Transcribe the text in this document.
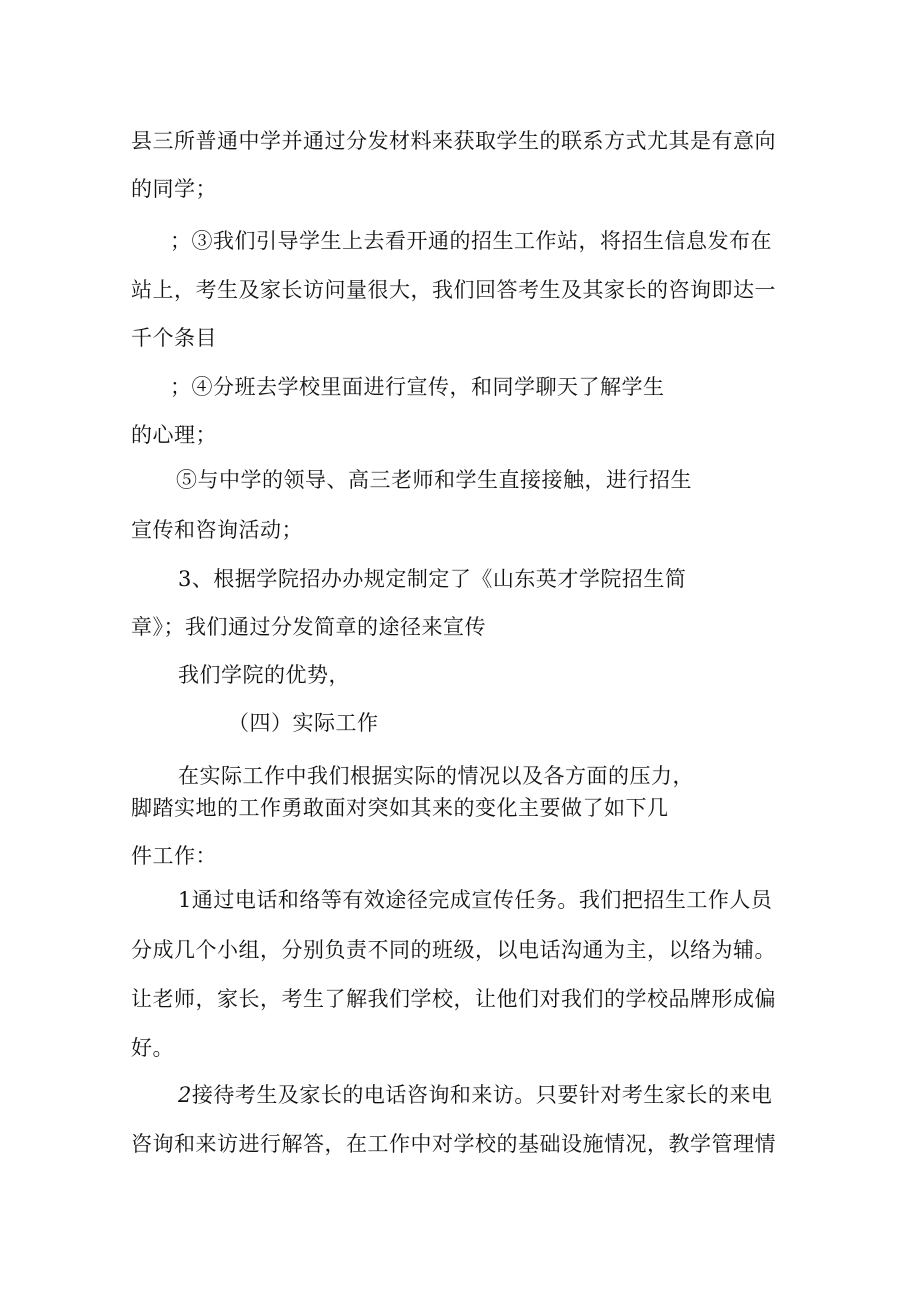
县三所普通中学并通过分发材料来获取学生的联系方式尤其是有意向
的同学；
；③我们引导学生上去看开通的招生工作站，将招生信息发布在
站上，考生及家长访问量很大，我们回答考生及其家长的咨询即达一
千个条目
；④分班去学校里面进行宣传，和同学聊天了解学生
的心理；
⑤与中学的领导、高三老师和学生直接接触，进行招生
宣传和咨询活动；
3、根据学院招办办规定制定了《山东英才学院招生简
章》；我们通过分发简章的途径来宣传
我们学院的优势，
（四）实际工作
在实际工作中我们根据实际的情况以及各方面的压力，
脚踏实地的工作勇敢面对突如其来的变化主要做了如下几
件工作：
1通过电话和络等有效途径完成宣传任务。我们把招生工作人员
分成几个小组，分别负责不同的班级，以电话沟通为主，以络为辅。
让老师，家长，考生了解我们学校，让他们对我们的学校品牌形成偏
好。
2接待考生及家长的电话咨询和来访。只要针对考生家长的来电
咨询和来访进行解答，在工作中对学校的基础设施情况，教学管理情
